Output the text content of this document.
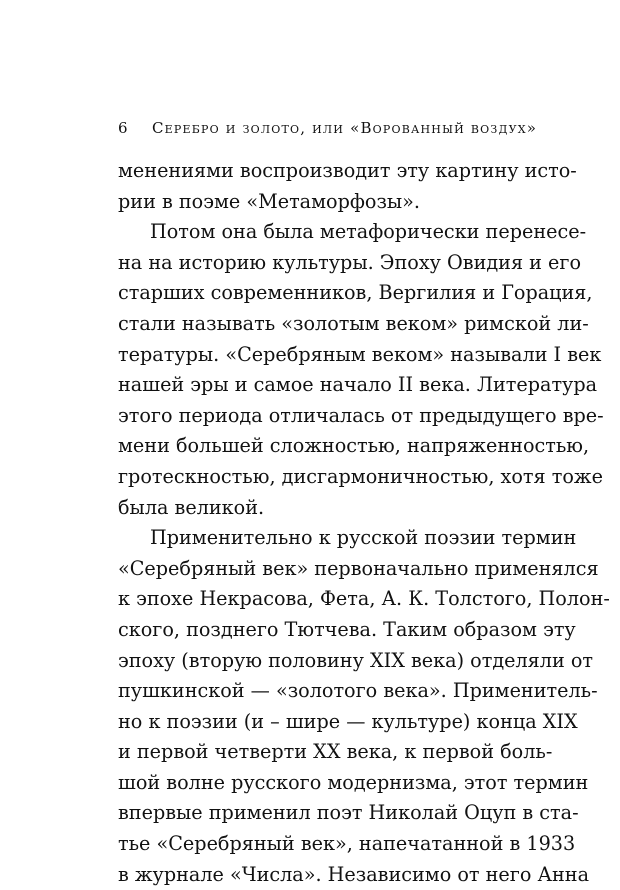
6 Серебро и золото, или «Ворованный воздух»
менениями воспроизводит эту картину исто-
рии в поэме «Метаморфозы».
Потом она была метафорически перенесе-
на на историю культуры. Эпоху Овидия и его
старших современников, Вергилия и Горация,
стали называть «золотым веком» римской ли-
тературы. «Серебряным веком» называли I век
нашей эры и самое начало II века. Литература
этого периода отличалась от предыдущего вре-
мени большей сложностью, напряженностью,
гротескностью, дисгармоничностью, хотя тоже
была великой.
Применительно к русской поэзии термин
«Серебряный век» первоначально применялся
к эпохе Некрасова, Фета, А. К. Толстого, Полон-
ского, позднего Тютчева. Таким образом эту
эпоху (вторую половину XIX века) отделяли от
пушкинской — «золотого века». Применитель-
но к поэзии (и – шире — культуре) конца XIX
и первой четверти XX века, к первой боль-
шой волне русского модернизма, этот термин
впервые применил поэт Николай Оцуп в ста-
тье «Серебряный век», напечатанной в 1933
в журнале «Числа». Независимо от него Анна
